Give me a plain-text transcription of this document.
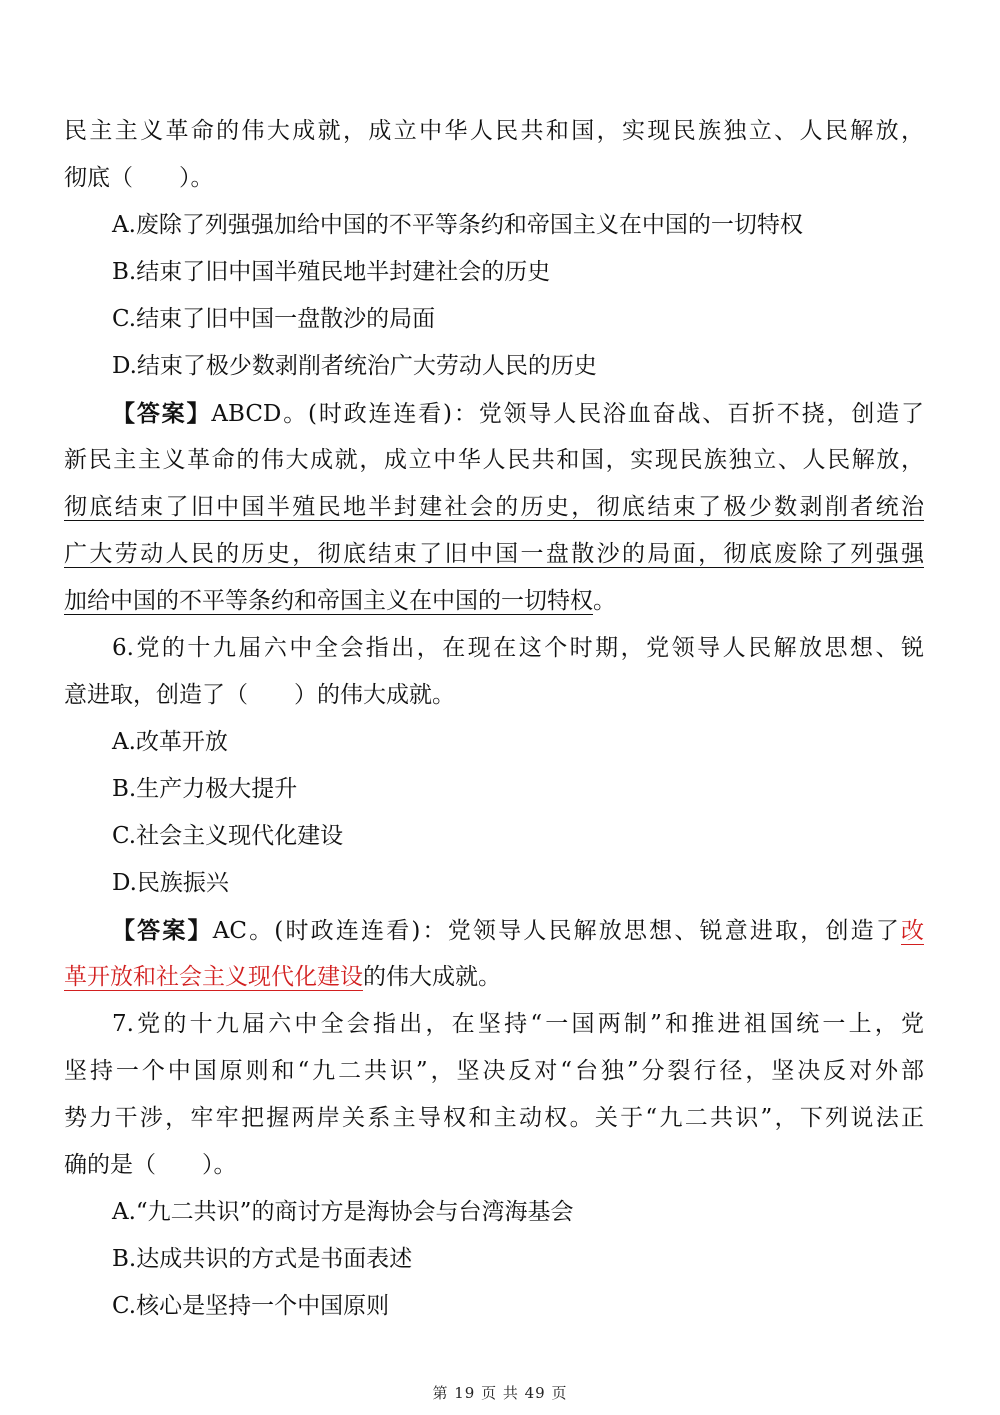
民主主义革命的伟大成就，成立中华人民共和国，实现民族独立、人民解放，
彻底（　　）。
A.废除了列强强加给中国的不平等条约和帝国主义在中国的一切特权
B.结束了旧中国半殖民地半封建社会的历史
C.结束了旧中国一盘散沙的局面
D.结束了极少数剥削者统治广大劳动人民的历史
【答案】ABCD。(时政连连看)：党领导人民浴血奋战、百折不挠，创造了
新民主主义革命的伟大成就，成立中华人民共和国，实现民族独立、人民解放，
彻底结束了旧中国半殖民地半封建社会的历史，彻底结束了极少数剥削者统治
广大劳动人民的历史，彻底结束了旧中国一盘散沙的局面，彻底废除了列强强
加给中国的不平等条约和帝国主义在中国的一切特权。
6.党的十九届六中全会指出，在现在这个时期，党领导人民解放思想、锐
意进取，创造了（　　）的伟大成就。
A.改革开放
B.生产力极大提升
C.社会主义现代化建设
D.民族振兴
【答案】AC。(时政连连看)：党领导人民解放思想、锐意进取，创造了改
革开放和社会主义现代化建设的伟大成就。
7.党的十九届六中全会指出，在坚持“一国两制”和推进祖国统一上，党
坚持一个中国原则和“九二共识”，坚决反对“台独”分裂行径，坚决反对外部
势力干涉，牢牢把握两岸关系主导权和主动权。关于“九二共识”，下列说法正
确的是（　　）。
A.“九二共识”的商讨方是海协会与台湾海基会
B.达成共识的方式是书面表述
C.核心是坚持一个中国原则
第 19 页 共 49 页
